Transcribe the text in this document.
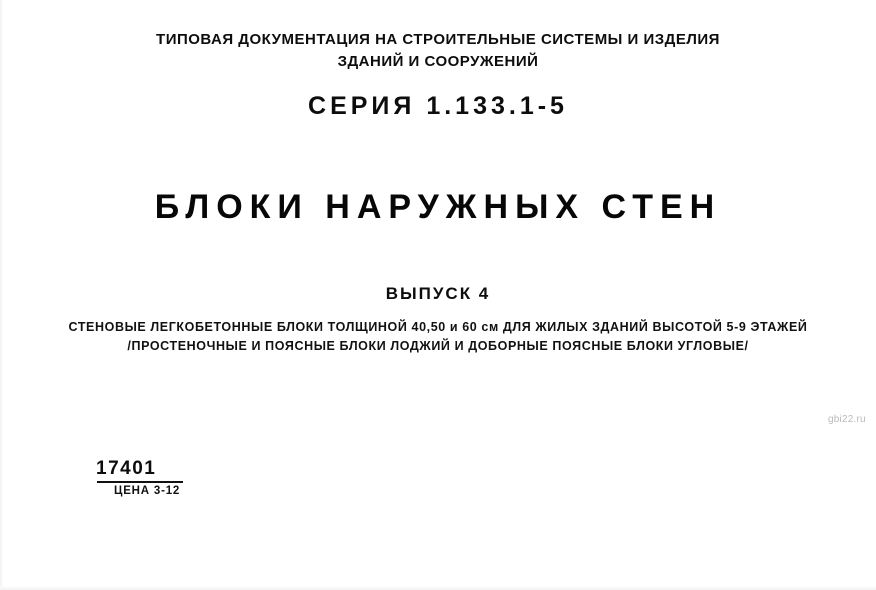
ТИПОВАЯ ДОКУМЕНТАЦИЯ НА СТРОИТЕЛЬНЫЕ СИСТЕМЫ И ИЗДЕЛИЯ
ЗДАНИЙ И СООРУЖЕНИЙ
СЕРИЯ 1.133.1-5
БЛОКИ НАРУЖНЫХ СТЕН
ВЫПУСК 4
СТЕНОВЫЕ ЛЕГКОБЕТОННЫЕ БЛОКИ ТОЛЩИНОЙ 40,50 и 60 см ДЛЯ ЖИЛЫХ ЗДАНИЙ ВЫСОТОЙ 5-9 ЭТАЖЕЙ
/ПРОСТЕНОЧНЫЕ И ПОЯСНЫЕ БЛОКИ ЛОДЖИЙ И ДОБОРНЫЕ ПОЯСНЫЕ БЛОКИ УГЛОВЫЕ/
gbi22.ru
17401
ЦЕНА 3-12
